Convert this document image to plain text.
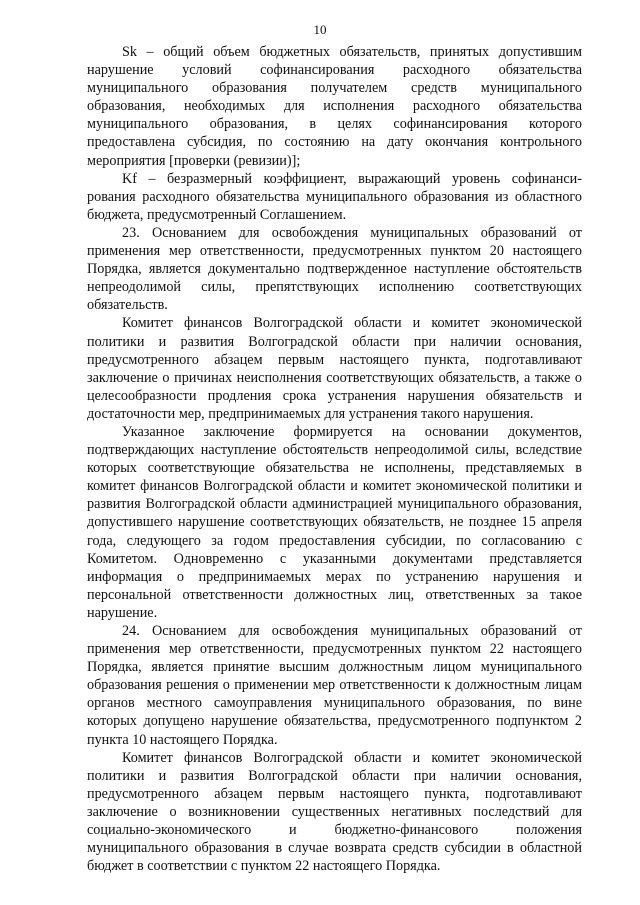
10

Sk – общий объем бюджетных обязательств, принятых допустившим нарушение условий софинансирования расходного обязательства муниципального образования получателем средств муниципального образования, необходимых для исполнения расходного обязательства муниципального образования, в целях софинансирования которого предоставлена субсидия, по состоянию на дату окончания контрольного мероприятия [проверки (ревизии)];

Kf – безразмерный коэффициент, выражающий уровень софинанси-рования расходного обязательства муниципального образования из областного бюджета, предусмотренный Соглашением.

23. Основанием для освобождения муниципальных образований от применения мер ответственности, предусмотренных пунктом 20 настоящего Порядка, является документально подтвержденное наступление обстоятельств непреодолимой силы, препятствующих исполнению соответствующих обязательств.

Комитет финансов Волгоградской области и комитет экономической политики и развития Волгоградской области при наличии основания, предусмотренного абзацем первым настоящего пункта, подготавливают заключение о причинах неисполнения соответствующих обязательств, а также о целесообразности продления срока устранения нарушения обязательств и достаточности мер, предпринимаемых для устранения такого нарушения.

Указанное заключение формируется на основании документов, подтверждающих наступление обстоятельств непреодолимой силы, вследствие которых соответствующие обязательства не исполнены, представляемых в комитет финансов Волгоградской области и комитет экономической политики и развития Волгоградской области администрацией муниципального образования, допустившего нарушение соответствующих обязательств, не позднее 15 апреля года, следующего за годом предоставления субсидии, по согласованию с Комитетом. Одновременно с указанными документами представляется информация о предпринимаемых мерах по устранению нарушения и персональной ответственности должностных лиц, ответственных за такое нарушение.

24. Основанием для освобождения муниципальных образований от применения мер ответственности, предусмотренных пунктом 22 настоящего Порядка, является принятие высшим должностным лицом муниципального образования решения о применении мер ответственности к должностным лицам органов местного самоуправления муниципального образования, по вине которых допущено нарушение обязательства, предусмотренного подпунктом 2 пункта 10 настоящего Порядка.

Комитет финансов Волгоградской области и комитет экономической политики и развития Волгоградской области при наличии основания, предусмотренного абзацем первым настоящего пункта, подготавливают заключение о возникновении существенных негативных последствий для социально-экономического и бюджетно-финансового положения муниципального образования в случае возврата средств субсидии в областной бюджет в соответствии с пунктом 22 настоящего Порядка.
